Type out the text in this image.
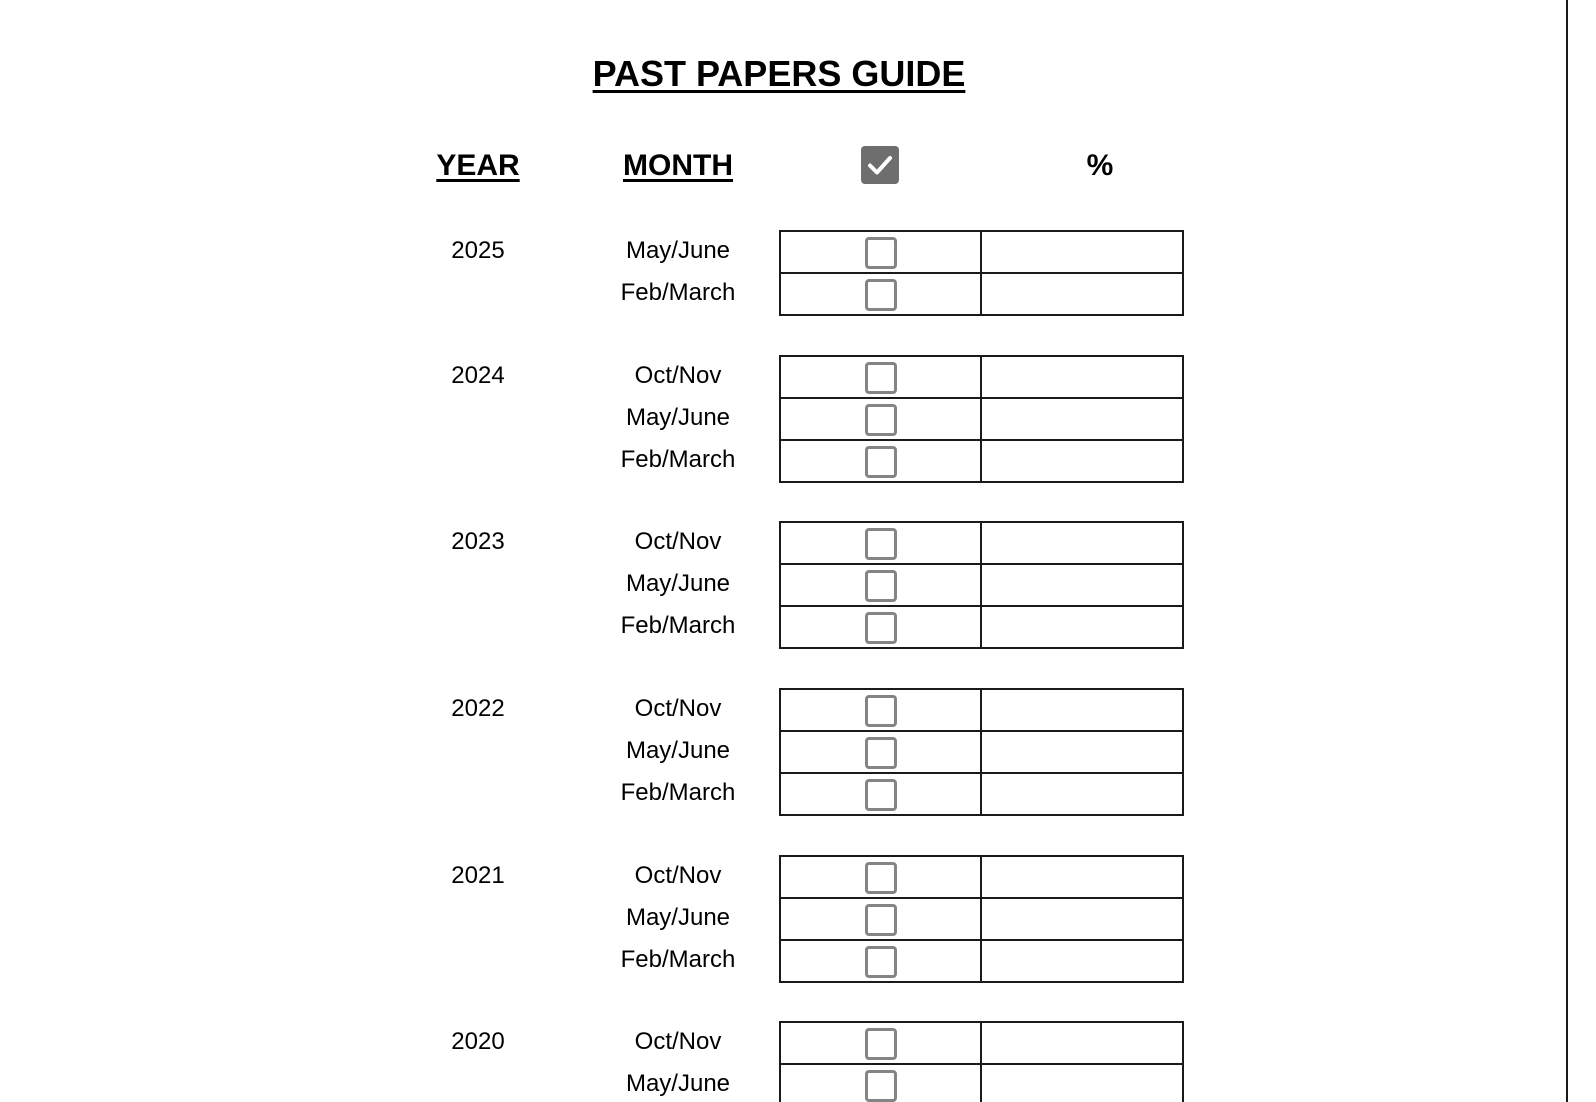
PAST PAPERS GUIDE
YEAR	MONTH	%
2025	May/June
Feb/March
2024	Oct/Nov
May/June
Feb/March
2023	Oct/Nov
May/June
Feb/March
2022	Oct/Nov
May/June
Feb/March
2021	Oct/Nov
May/June
Feb/March
2020	Oct/Nov
May/June
